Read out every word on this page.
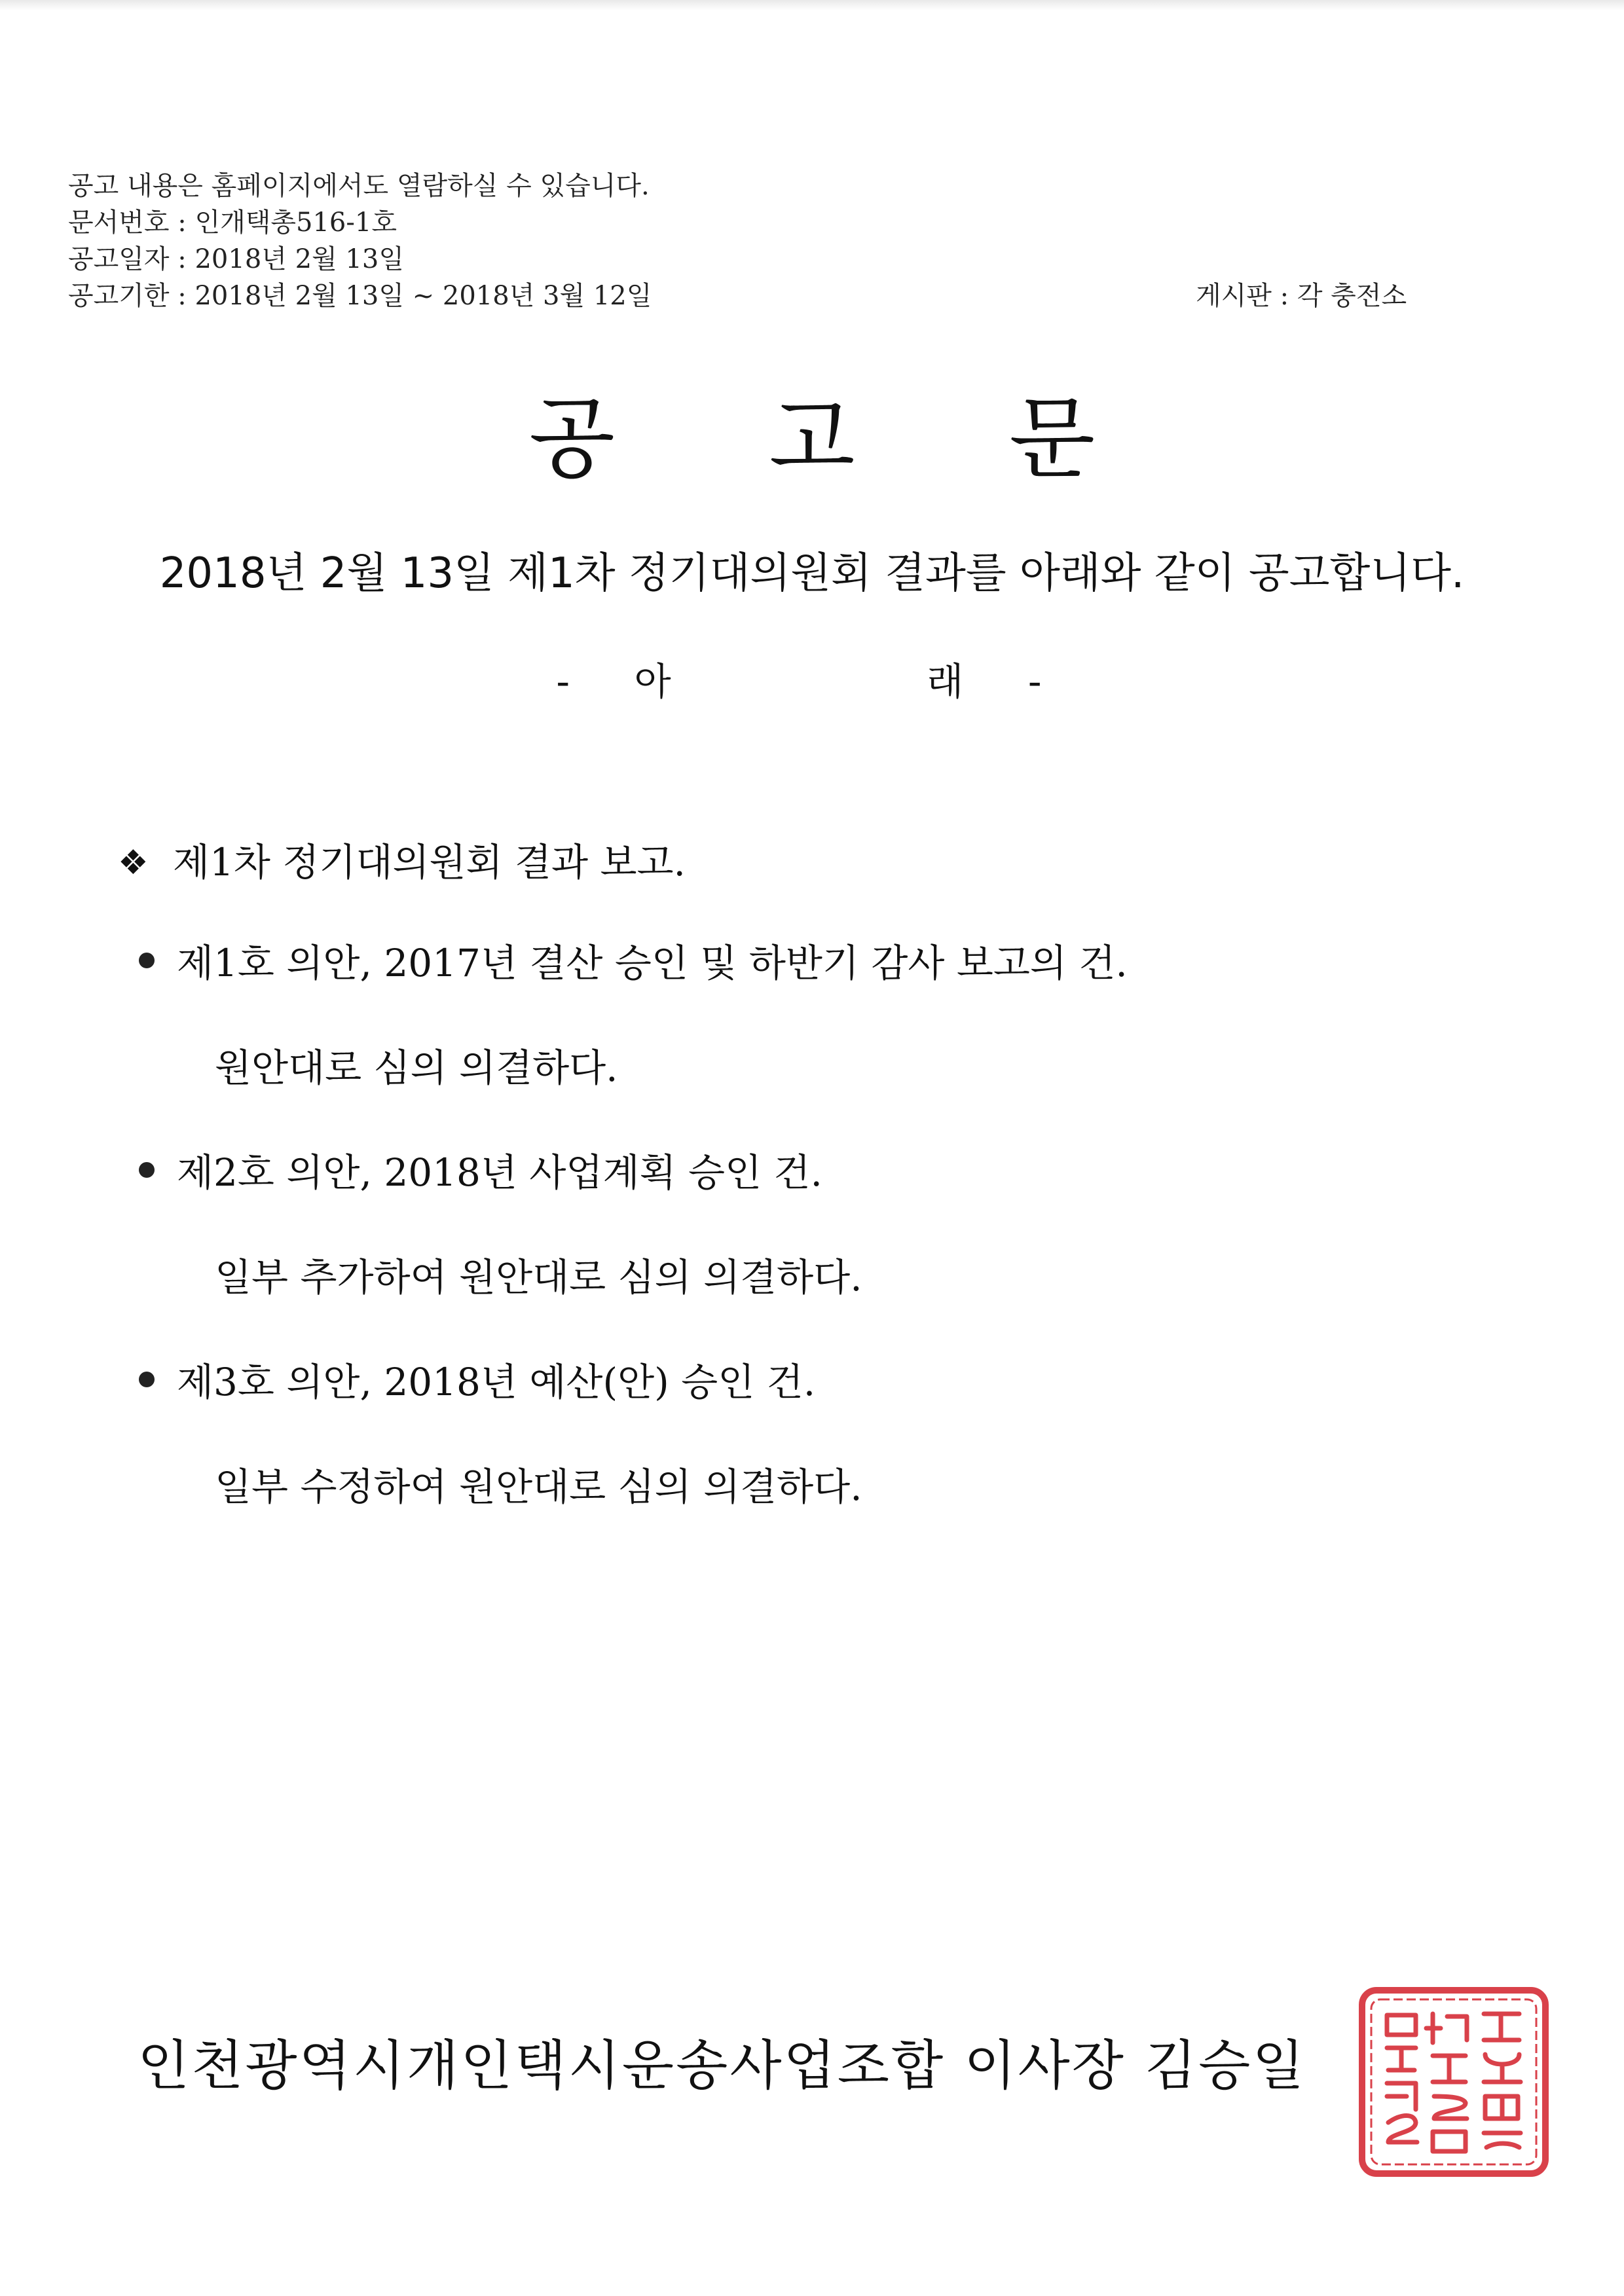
공고 내용은 홈페이지에서도 열람하실 수 있습니다.
문서번호 : 인개택총516-1호
공고일자 : 2018년 2월 13일
공고기한 : 2018년 2월 13일 ~ 2018년 3월 12일	게시판 : 각 충전소
공 고 문
2018년 2월 13일 제1차 정기대의원회 결과를 아래와 같이 공고합니다.
- 아      래 -
❖ 제1차 정기대의원회 결과 보고.
제1호 의안, 2017년 결산 승인 및 하반기 감사 보고의 건.
원안대로 심의 의결하다.
제2호 의안, 2018년 사업계획 승인 건.
일부 추가하여 원안대로 심의 의결하다.
제3호 의안, 2018년 예산(안) 승인 건.
일부 수정하여 원안대로 심의 의결하다.
인천광역시개인택시운송사업조합 이사장 김승일
